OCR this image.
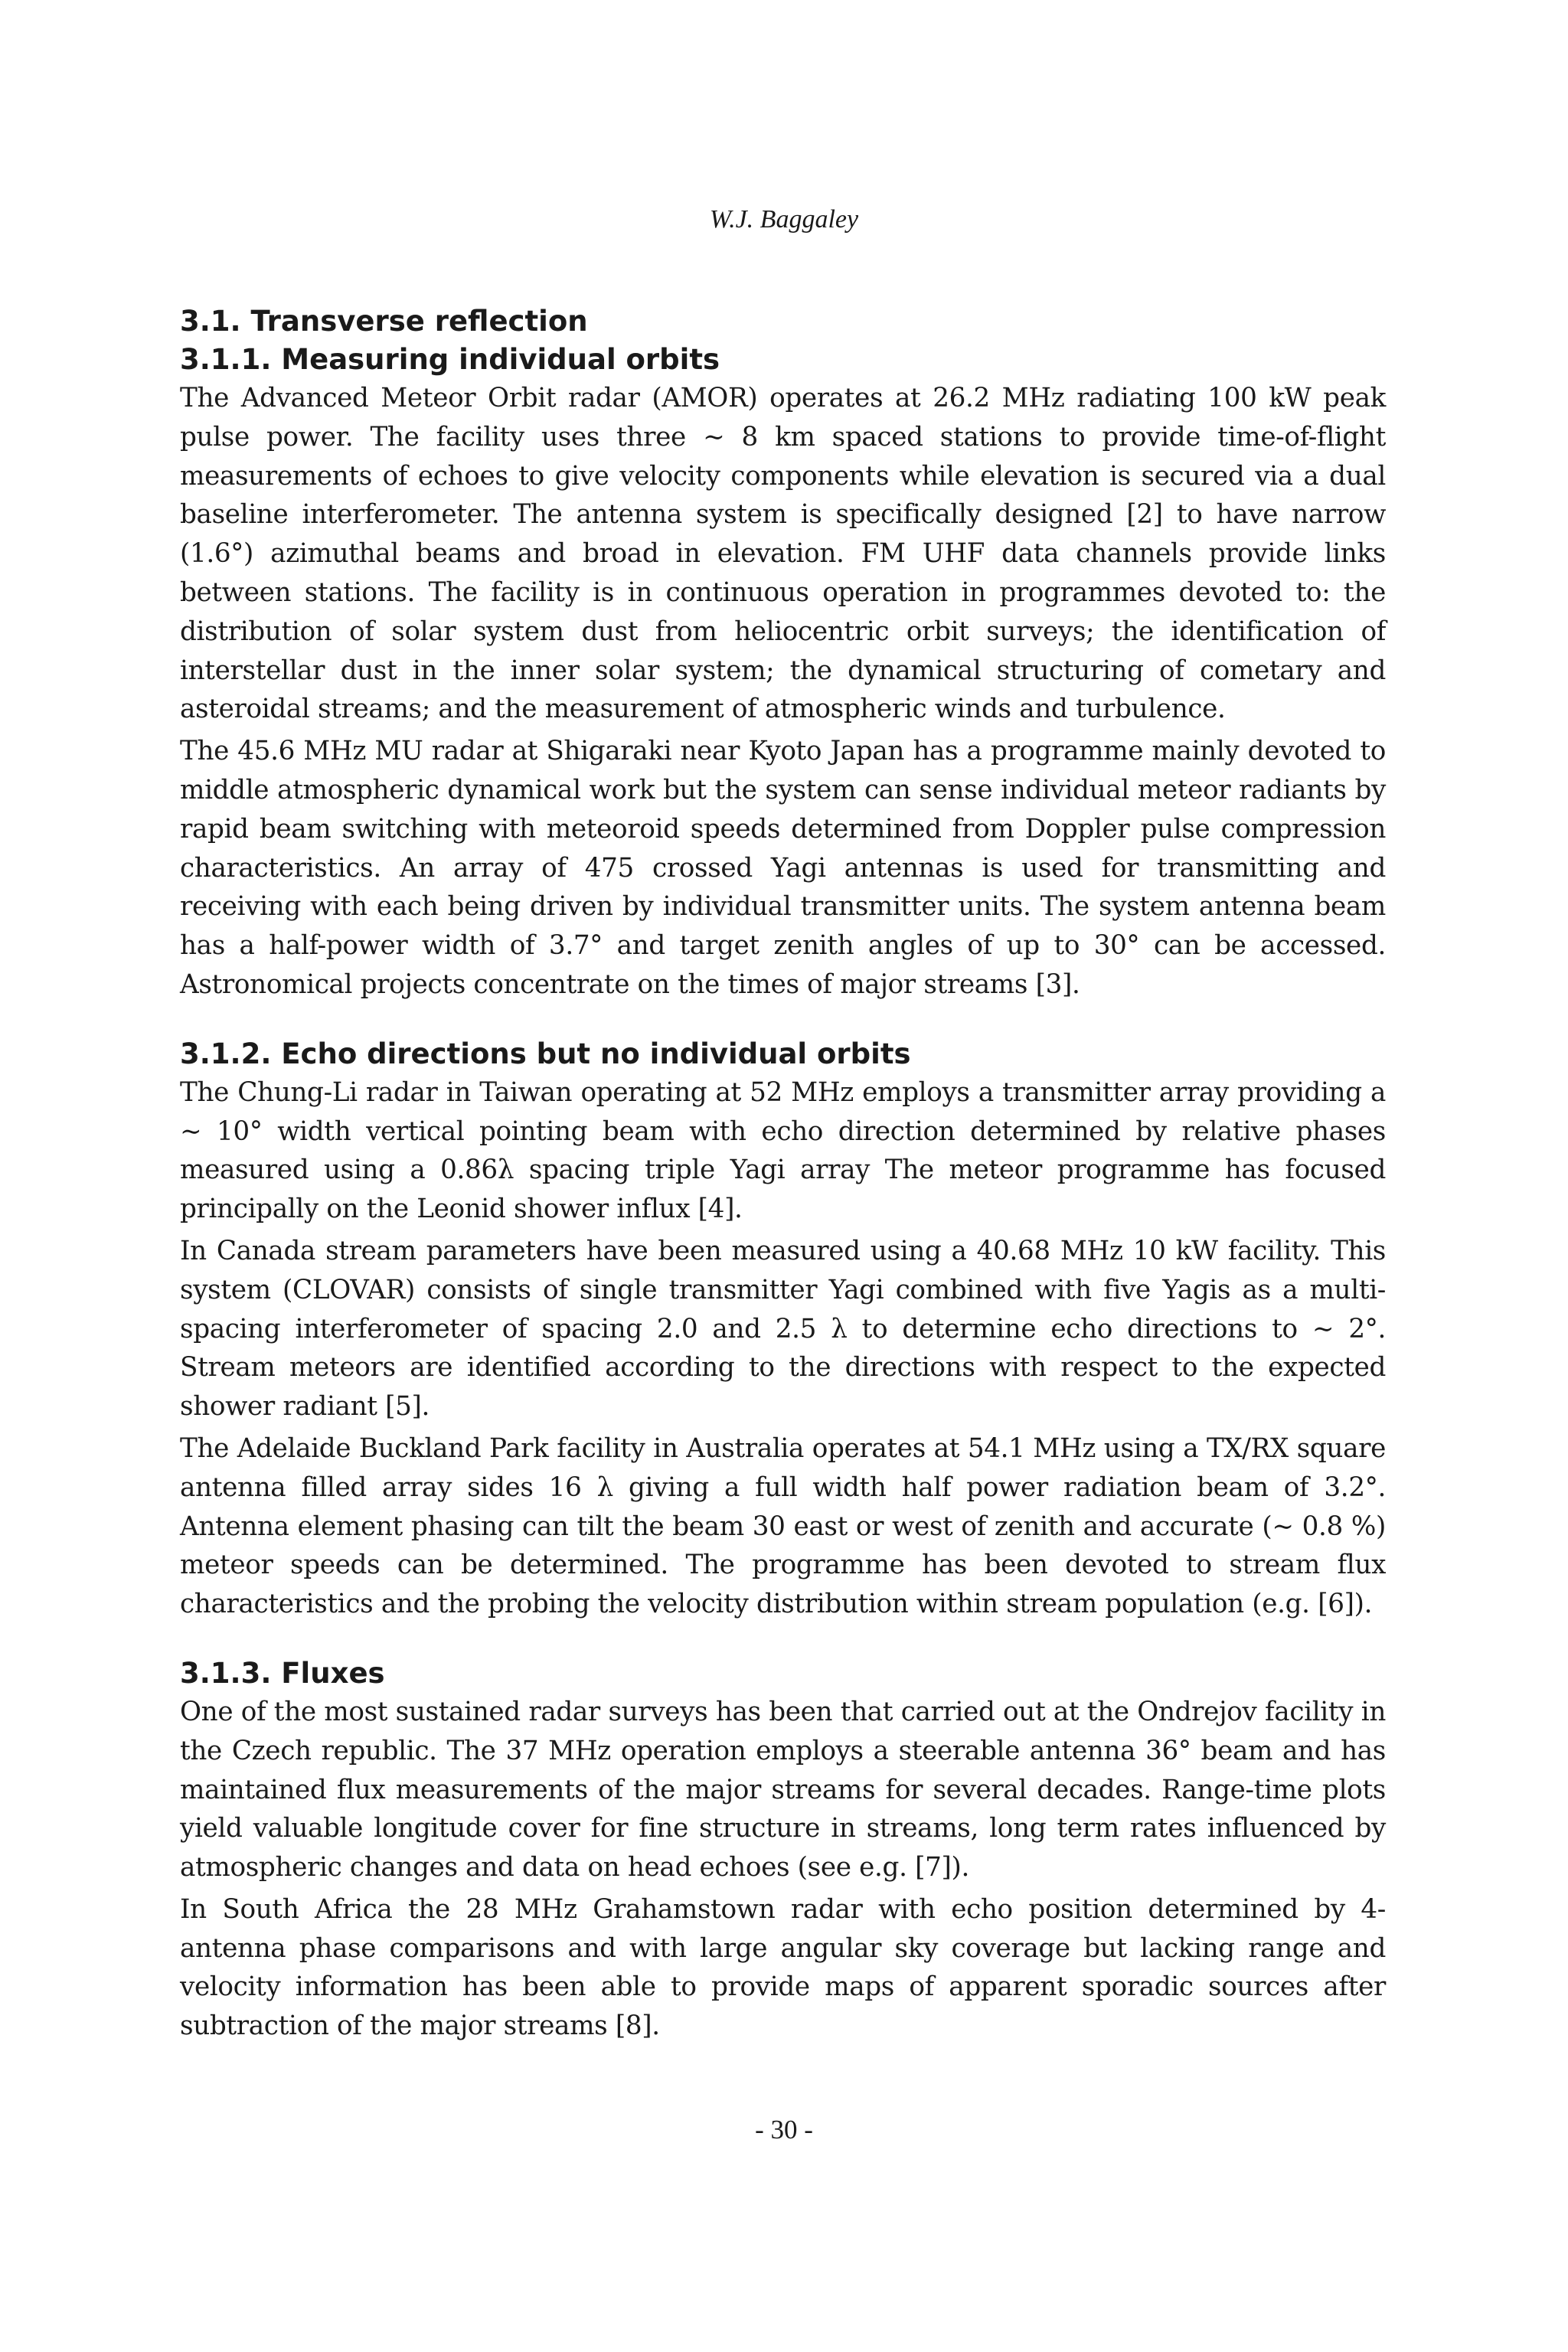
W.J. Baggaley
3.1. Transverse reflection
3.1.1. Measuring individual orbits

The Advanced Meteor Orbit radar (AMOR) operates at 26.2 MHz radiating 100 kW peak pulse power. The facility uses three ∼ 8 km spaced stations to provide time-of-flight measurements of echoes to give velocity components while elevation is secured via a dual baseline interferometer. The antenna system is specifically designed [2] to have narrow (1.6°) azimuthal beams and broad in elevation. FM UHF data channels provide links between stations. The facility is in continuous operation in programmes devoted to: the distribution of solar system dust from heliocentric orbit surveys; the identification of interstellar dust in the inner solar system; the dynamical structuring of cometary and asteroidal streams; and the measurement of atmospheric winds and turbulence.

The 45.6 MHz MU radar at Shigaraki near Kyoto Japan has a programme mainly devoted to middle atmospheric dynamical work but the system can sense individual meteor radiants by rapid beam switching with meteoroid speeds determined from Doppler pulse compression characteristics. An array of 475 crossed Yagi antennas is used for transmitting and receiving with each being driven by individual transmitter units. The system antenna beam has a half-power width of 3.7° and target zenith angles of up to 30° can be accessed. Astronomical projects concentrate on the times of major streams [3].

3.1.2. Echo directions but no individual orbits

The Chung-Li radar in Taiwan operating at 52 MHz employs a transmitter array providing a ∼ 10° width vertical pointing beam with echo direction determined by relative phases measured using a 0.86λ spacing triple Yagi array The meteor programme has focused principally on the Leonid shower influx [4].

In Canada stream parameters have been measured using a 40.68 MHz 10 kW facility. This system (CLOVAR) consists of single transmitter Yagi combined with five Yagis as a multi-spacing interferometer of spacing 2.0 and 2.5 λ to determine echo directions to ∼ 2°. Stream meteors are identified according to the directions with respect to the expected shower radiant [5].

The Adelaide Buckland Park facility in Australia operates at 54.1 MHz using a TX/RX square antenna filled array sides 16 λ giving a full width half power radiation beam of 3.2°. Antenna element phasing can tilt the beam 30 east or west of zenith and accurate (∼ 0.8 %) meteor speeds can be determined. The programme has been devoted to stream flux characteristics and the probing the velocity distribution within stream population (e.g. [6]).

3.1.3. Fluxes

One of the most sustained radar surveys has been that carried out at the Ondrejov facility in the Czech republic. The 37 MHz operation employs a steerable antenna 36° beam and has maintained flux measurements of the major streams for several decades. Range-time plots yield valuable longitude cover for fine structure in streams, long term rates influenced by atmospheric changes and data on head echoes (see e.g. [7]).

In South Africa the 28 MHz Grahamstown radar with echo position determined by 4-antenna phase comparisons and with large angular sky coverage but lacking range and velocity information has been able to provide maps of apparent sporadic sources after subtraction of the major streams [8].

- 30 -
